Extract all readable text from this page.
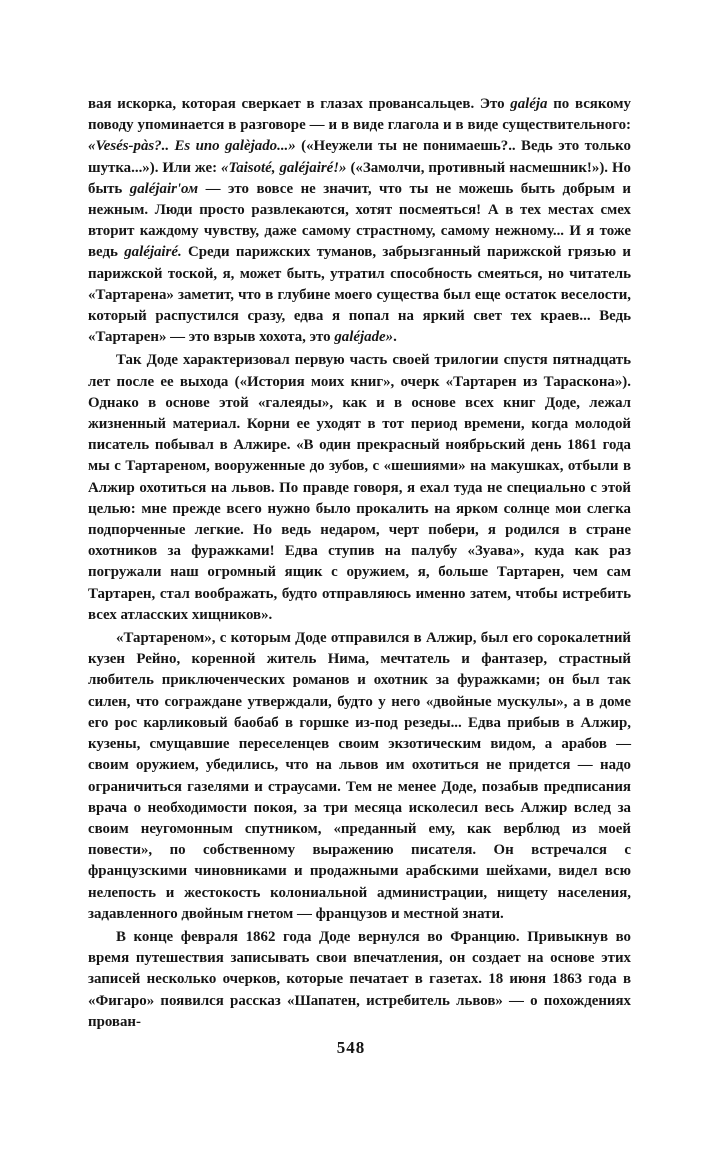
вая искорка, которая сверкает в глазах провансальцев. Это galéja по всякому поводу упоминается в разговоре — и в виде глагола и в виде существительного: «Vesés-pàs?.. Es uno galèjado...» («Неужели ты не понимаешь?.. Ведь это только шутка...»). Или же: «Taisoté, galéjairé!» («Замолчи, противный насмешник!»). Но быть galéjair'ом — это вовсе не значит, что ты не можешь быть добрым и нежным. Люди просто развлекаются, хотят посмеяться! А в тех местах смех вторит каждому чувству, даже самому страстному, самому нежному... И я тоже ведь galéjairé. Среди парижских туманов, забрызганный парижской грязью и парижской тоской, я, может быть, утратил способность смеяться, но читатель «Тартарена» заметит, что в глубине моего существа был еще остаток веселости, который распустился сразу, едва я попал на яркий свет тех краев... Ведь «Тартарен» — это взрыв хохота, это galéjade».

Так Доде характеризовал первую часть своей трилогии спустя пятнадцать лет после ее выхода («История моих книг», очерк «Тартарен из Тараскона»). Однако в основе этой «галеяды», как и в основе всех книг Доде, лежал жизненный материал. Корни ее уходят в тот период времени, когда молодой писатель побывал в Алжире. «В один прекрасный ноябрьский день 1861 года мы с Тартареном, вооруженные до зубов, с «шешиями» на макушках, отбыли в Алжир охотиться на львов. По правде говоря, я ехал туда не специально с этой целью: мне прежде всего нужно было прокалить на ярком солнце мои слегка подпорченные легкие. Но ведь недаром, черт побери, я родился в стране охотников за фуражками! Едва ступив на палубу «Зуава», куда как раз погружали наш огромный ящик с оружием, я, больше Тартарен, чем сам Тартарен, стал воображать, будто отправляюсь именно затем, чтобы истребить всех атласских хищников».

«Тартареном», с которым Доде отправился в Алжир, был его сорокалетний кузен Рейно, коренной житель Нима, мечтатель и фантазер, страстный любитель приключенческих романов и охотник за фуражками; он был так силен, что сограждане утверждали, будто у него «двойные мускулы», а в доме его рос карликовый баобаб в горшке из-под резеды... Едва прибыв в Алжир, кузены, смущавшие переселенцев своим экзотическим видом, а арабов — своим оружием, убедились, что на львов им охотиться не придется — надо ограничиться газелями и страусами. Тем не менее Доде, позабыв предписания врача о необходимости покоя, за три месяца исколесил весь Алжир вслед за своим неугомонным спутником, «преданный ему, как верблюд из моей повести», по собственному выражению писателя. Он встречался с французскими чиновниками и продажными арабскими шейхами, видел всю нелепость и жестокость колониальной администрации, нищету населения, задавленного двойным гнетом — французов и местной знати.

В конце февраля 1862 года Доде вернулся во Францию. Привыкнув во время путешествия записывать свои впечатления, он создает на основе этих записей несколько очерков, которые печатает в газетах. 18 июня 1863 года в «Фигаро» появился рассказ «Шапатен, истребитель львов» — о похождениях прован-

548
